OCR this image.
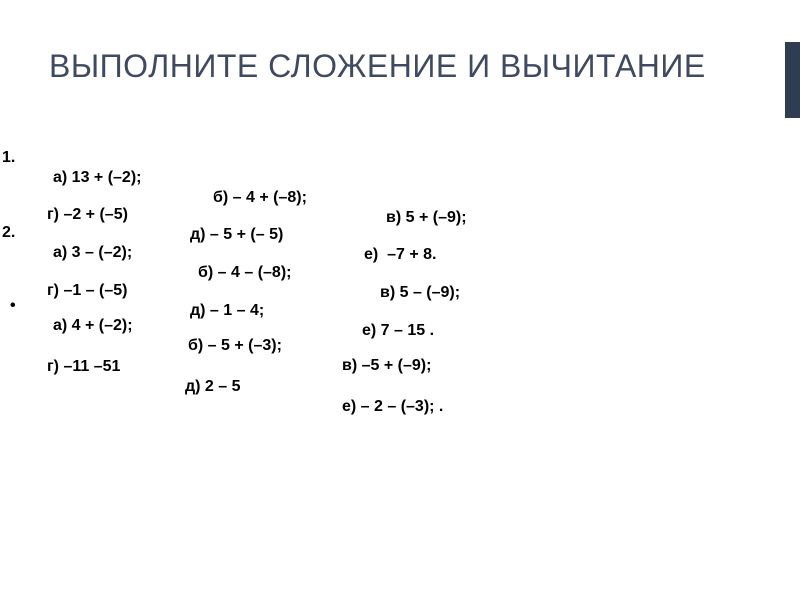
ВЫПОЛНИТЕ СЛОЖЕНИЕ И ВЫЧИТАНИЕ
1.

а) 13 + (–2);

б) – 4 + (–8);

в) 5 + (–9);

г) –2 + (–5)

д) – 5 + (– 5)

е)  –7 + 8.

2.

а) 3 – (–2);

б) – 4 – (–8);

в) 5 – (–9);

г) –1 – (–5)

д) – 1 – 4;

е) 7 – 15 .

•

а) 4 + (–2);

б) – 5 + (–3);

в) –5 + (–9);

г) –11 –51

д) 2 – 5

е) – 2 – (–3); .
